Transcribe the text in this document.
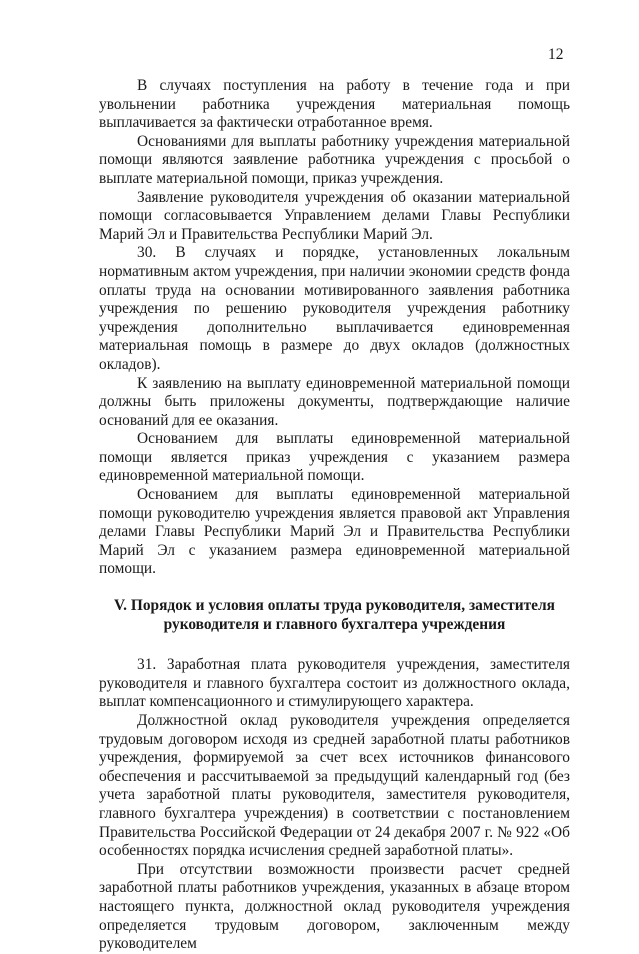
12

В случаях поступления на работу в течение года и при увольнении работника учреждения материальная помощь выплачивается за фактически отработанное время.

Основаниями для выплаты работнику учреждения материальной помощи являются заявление работника учреждения с просьбой о выплате материальной помощи, приказ учреждения.

Заявление руководителя учреждения об оказании материальной помощи согласовывается Управлением делами Главы Республики Марий Эл и Правительства Республики Марий Эл.

30. В случаях и порядке, установленных локальным нормативным актом учреждения, при наличии экономии средств фонда оплаты труда на основании мотивированного заявления работника учреждения по решению руководителя учреждения работнику учреждения дополнительно выплачивается единовременная материальная помощь в размере до двух окладов (должностных окладов).

К заявлению на выплату единовременной материальной помощи должны быть приложены документы, подтверждающие наличие оснований для ее оказания.

Основанием для выплаты единовременной материальной помощи является приказ учреждения с указанием размера единовременной материальной помощи.

Основанием для выплаты единовременной материальной помощи руководителю учреждения является правовой акт Управления делами Главы Республики Марий Эл и Правительства Республики Марий Эл с указанием размера единовременной материальной помощи.

V. Порядок и условия оплаты труда руководителя, заместителя
руководителя и главного бухгалтера учреждения

31. Заработная плата руководителя учреждения, заместителя руководителя и главного бухгалтера состоит из должностного оклада, выплат компенсационного и стимулирующего характера.

Должностной оклад руководителя учреждения определяется трудовым договором исходя из средней заработной платы работников учреждения, формируемой за счет всех источников финансового обеспечения и рассчитываемой за предыдущий календарный год (без учета заработной платы руководителя, заместителя руководителя, главного бухгалтера учреждения) в соответствии с постановлением Правительства Российской Федерации от 24 декабря 2007 г. № 922 «Об особенностях порядка исчисления средней заработной платы».

При отсутствии возможности произвести расчет средней заработной платы работников учреждения, указанных в абзаце втором настоящего пункта, должностной оклад руководителя учреждения определяется трудовым договором, заключенным между руководителем
